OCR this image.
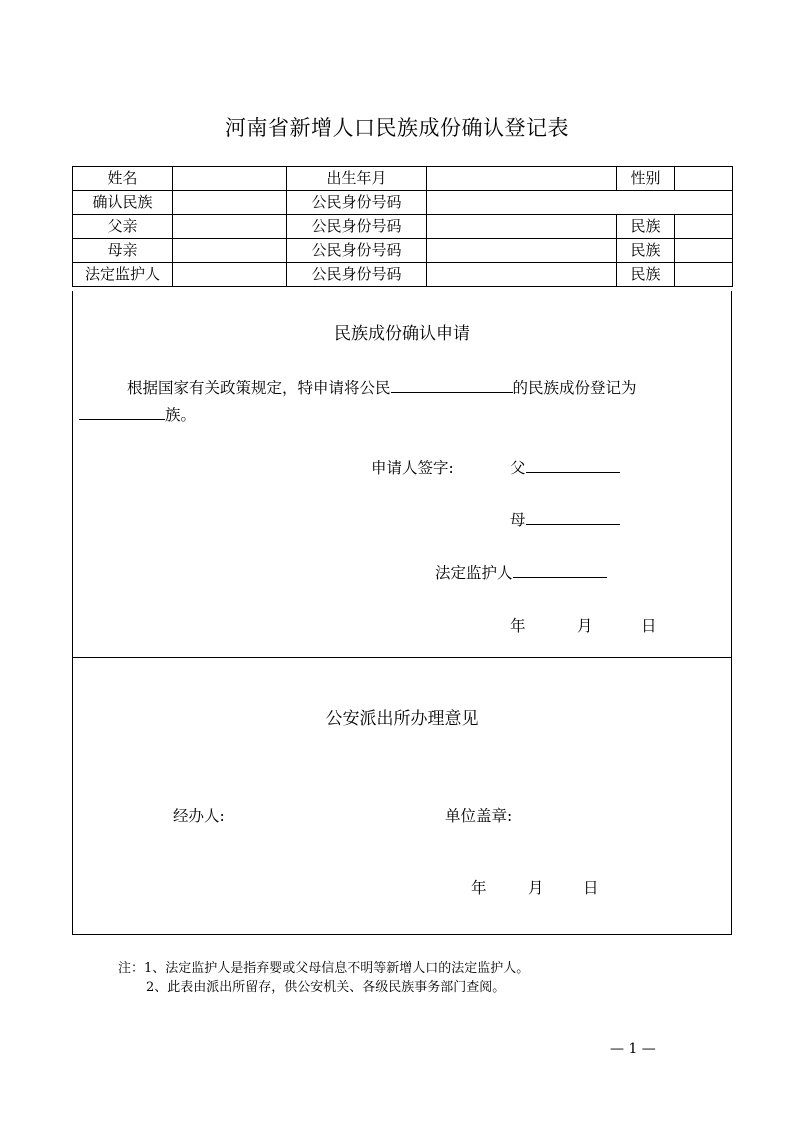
河南省新增人口民族成份确认登记表
姓名		出生年月		性别	
确认民族		公民身份号码			
父亲		公民身份号码		民族	
母亲		公民身份号码		民族	
法定监护人		公民身份号码		民族	
民族成份确认申请
根据国家有关政策规定，特申请将公民	的民族成份登记为
族。
申请人签字:	父
母
法定监护人
年	月	日
公安派出所办理意见
经办人:	单位盖章:
年	月	日
注：1、法定监护人是指弃婴或父母信息不明等新增人口的法定监护人。
2、此表由派出所留存，供公安机关、各级民族事务部门查阅。
— 1 —
